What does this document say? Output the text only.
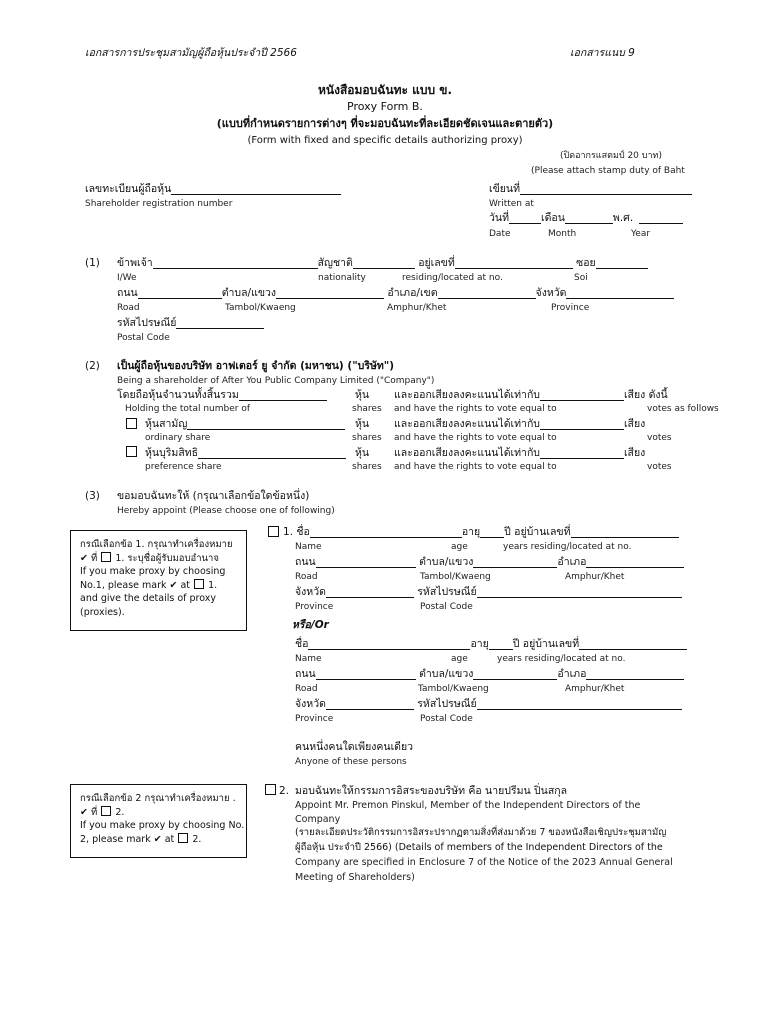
เอกสารการประชุมสามัญผู้ถือหุ้นประจำปี 2566	เอกสารแนบ 9
หนังสือมอบฉันทะ แบบ ข.
Proxy Form B.
(แบบที่กำหนดรายการต่างๆ ที่จะมอบฉันทะที่ละเอียดชัดเจนและตายตัว)
(Form with fixed and specific details authorizing proxy)
(ปิดอากรแสตมป์ 20 บาท)
(Please attach stamp duty of Baht
เลขทะเบียนผู้ถือหุ้น
Shareholder registration number
เขียนที่
Written at
วันที่	เดือน	พ.ศ.
Date	Month	Year
(1) ข้าพเจ้า	สัญชาติ	อยู่เลขที่	ซอย
I/We	nationality	residing/located at no.	Soi
ถนน	ตำบล/แขวง	อำเภอ/เขต	จังหวัด
Road	Tambol/Kwaeng	Amphur/Khet	Province
รหัสไปรษณีย์
Postal Code
(2) เป็นผู้ถือหุ้นของบริษัท อาฟเตอร์ ยู จำกัด (มหาชน) ("บริษัท")
Being a shareholder of After You Public Company Limited ("Company")
โดยถือหุ้นจำนวนทั้งสิ้นรวม	หุ้น และออกเสียงลงคะแนนได้เท่ากับ	เสียง ดังนี้
Holding the total number of	shares and have the rights to vote equal to	votes as follows
หุ้นสามัญ	หุ้น และออกเสียงลงคะแนนได้เท่ากับ	เสียง
ordinary share	shares and have the rights to vote equal to	votes
หุ้นบุริมสิทธิ	หุ้น และออกเสียงลงคะแนนได้เท่ากับ	เสียง
preference share	shares and have the rights to vote equal to	votes
(3) ขอมอบฉันทะให้ (กรุณาเลือกข้อใดข้อหนึ่ง)
Hereby appoint (Please choose one of following)
กรณีเลือกข้อ 1. กรุณาทำเครื่องหมาย
✔ ที่ 1. ระบุชื่อผู้รับมอบอำนาจ
If you make proxy by choosing
No.1, please mark ✔ at 1.
and give the details of proxy
(proxies).
1. ชื่อ	อายุ ปี อยู่บ้านเลขที่
Name	age	years residing/located at no.
ถนน	ตำบล/แขวง	อำเภอ
Road	Tambol/Kwaeng	Amphur/Khet
จังหวัด	รหัสไปรษณีย์
Province	Postal Code
หรือ/Or
ชื่อ	อายุ ปี อยู่บ้านเลขที่
Name	age	years residing/located at no.
ถนน	ตำบล/แขวง	อำเภอ
Road	Tambol/Kwaeng	Amphur/Khet
จังหวัด	รหัสไปรษณีย์
Province	Postal Code
คนหนึ่งคนใดเพียงคนเดียว
Anyone of these persons
กรณีเลือกข้อ 2 กรุณาทำเครื่องหมาย .
✔ ที่ 2.
If you make proxy by choosing No.
2, please mark ✔ at 2.
2. มอบฉันทะให้กรรมการอิสระของบริษัท คือ นายปรีมน ปิ่นสกุล
Appoint Mr. Premon Pinskul, Member of the Independent Directors of the
Company
(รายละเอียดประวัติกรรมการอิสระปรากฏตามสิ่งที่ส่งมาด้วย 7 ของหนังสือเชิญประชุมสามัญ
ผู้ถือหุ้น ประจำปี 2566) (Details of members of the Independent Directors of the
Company are specified in Enclosure 7 of the Notice of the 2023 Annual General
Meeting of Shareholders)
